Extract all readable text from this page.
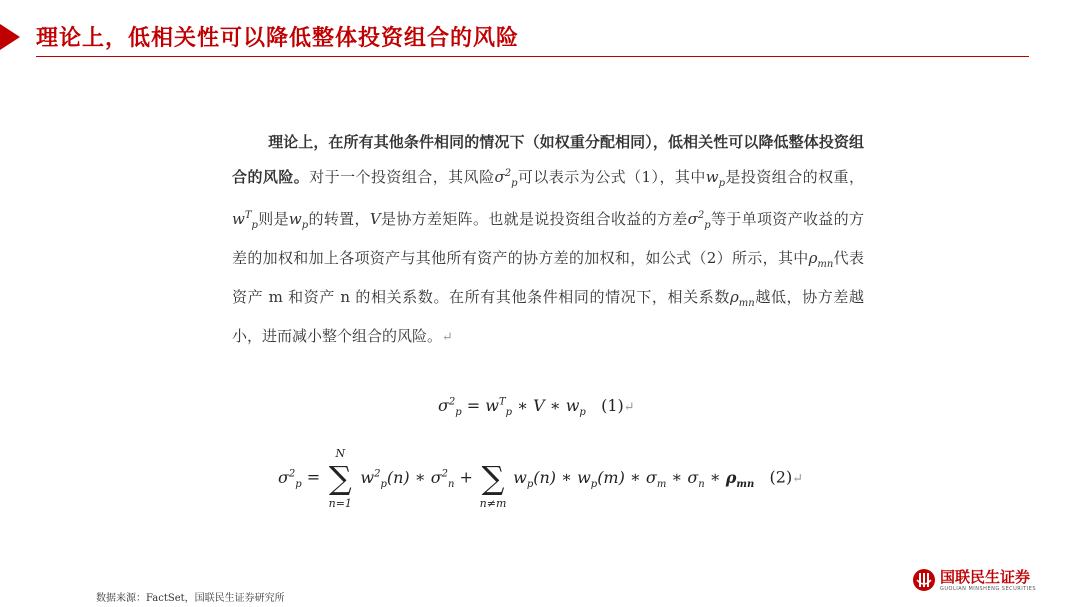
理论上，低相关性可以降低整体投资组合的风险
理论上，在所有其他条件相同的情况下（如权重分配相同），低相关性可以降低整体投资组合的风险。对于一个投资组合，其风险$\sigma^2_p$可以表示为公式（1），其中$w_p$是投资组合的权重，$w^T_p$则是$w_p$的转置，V是协方差矩阵。也就是说投资组合收益的方差$\sigma^2_p$等于单项资产收益的方差的加权和加上各项资产与其他所有资产的协方差的加权和，如公式（2）所示，其中$\rho_{mn}$代表资产 m 和资产 n 的相关系数。在所有其他条件相同的情况下，相关系数$\rho_{mn}$越低，协方差越小，进而减小整个组合的风险。↵
$\sigma^2_p = w^T_p$ ∗ V ∗ $w_p$ (1)↵
$\sigma^2_p$ = ∑
N
n=1
$w^2_p(n)$ ∗ $\sigma^2_n$ + ∑
n≠m
$w_p(n)$ ∗ $w_p(m)$ ∗ $\sigma_m$ ∗ $\sigma_n$ ∗ $\rho_{mn}$ (2)↵
数据来源：FactSet，国联民生证券研究所
国联民生证券
GUOLIAN MINSHENG SECURITIES
